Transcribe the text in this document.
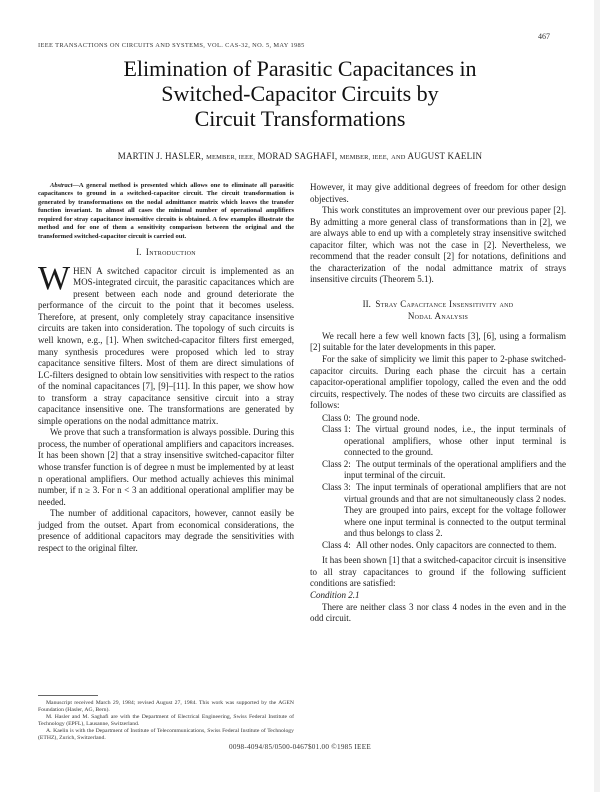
IEEE TRANSACTIONS ON CIRCUITS AND SYSTEMS, VOL. CAS-32, NO. 5, MAY 1985
467
Elimination of Parasitic Capacitances in
Switched-Capacitor Circuits by
Circuit Transformations
MARTIN J. HASLER, MEMBER, IEEE, MORAD SAGHAFI, MEMBER, IEEE, AND AUGUST KAELIN

Abstract—A general method is presented which allows one to eliminate all parasitic capacitances to ground in a switched-capacitor circuit. The circuit transformation is generated by transformations on the nodal admittance matrix which leaves the transfer function invariant. In almost all cases the minimal number of operational amplifiers required for stray capacitance insensitive circuits is obtained. A few examples illustrate the method and for one of them a sensitivity comparison between the original and the transformed switched-capacitor circuit is carried out.

I. Introduction

WHEN A switched capacitor circuit is implemented as an MOS-integrated circuit, the parasitic capacitances which are present between each node and ground deteriorate the performance of the circuit to the point that it becomes useless. Therefore, at present, only completely stray capacitance insensitive circuits are taken into consideration. The topology of such circuits is well known, e.g., [1]. When switched-capacitor filters first emerged, many synthesis procedures were proposed which led to stray capacitance sensitive filters. Most of them are direct simulations of LC-filters designed to obtain low sensitivities with respect to the ratios of the nominal capacitances [7], [9]–[11]. In this paper, we show how to transform a stray capacitance sensitive circuit into a stray capacitance insensitive one. The transformations are generated by simple operations on the nodal admittance matrix.

We prove that such a transformation is always possible. During this process, the number of operational amplifiers and capacitors increases. It has been shown [2] that a stray insensitive switched-capacitor filter whose transfer function is of degree n must be implemented by at least n operational amplifiers. Our method actually achieves this minimal number, if n ≥ 3. For n < 3 an additional operational amplifier may be needed.

The number of additional capacitors, however, cannot easily be judged from the outset. Apart from economical considerations, the presence of additional capacitors may degrade the sensitivities with respect to the original filter.

Manuscript received March 29, 1984; revised August 27, 1984. This work was supported by the AGEN Foundation (Hasler, AG, Bern).

M. Hasler and M. Saghafi are with the Department of Electrical Engineering, Swiss Federal Institute of Technology (EPFL), Lausanne, Switzerland.

A. Kaelin is with the Department of Institute of Telecommunications, Swiss Federal Institute of Technology (ETHZ), Zurich, Switzerland.

However, it may give additional degrees of freedom for other design objectives.

This work constitutes an improvement over our previous paper [2]. By admitting a more general class of transformations than in [2], we are always able to end up with a completely stray insensitive switched capacitor filter, which was not the case in [2]. Nevertheless, we recommend that the reader consult [2] for notations, definitions and the characterization of the nodal admittance matrix of strays insensitive circuits (Theorem 5.1).

II. Stray Capacitance Insensitivity and
Nodal Analysis

We recall here a few well known facts [3], [6], using a formalism [2] suitable for the later developments in this paper.

For the sake of simplicity we limit this paper to 2-phase switched-capacitor circuits. During each phase the circuit has a certain capacitor-operational amplifier topology, called the even and the odd circuits, respectively. The nodes of these two circuits are classified as follows:

Class 0: The ground node.

Class 1: The virtual ground nodes, i.e., the input terminals of operational amplifiers, whose other input terminal is connected to the ground.

Class 2: The output terminals of the operational amplifiers and the input terminal of the circuit.

Class 3: The input terminals of operational amplifiers that are not virtual grounds and that are not simultaneously class 2 nodes. They are grouped into pairs, except for the voltage follower where one input terminal is connected to the output terminal and thus belongs to class 2.

Class 4: All other nodes. Only capacitors are connected to them.

It has been shown [1] that a switched-capacitor circuit is insensitive to all stray capacitances to ground if the following sufficient conditions are satisfied:

Condition 2.1

There are neither class 3 nor class 4 nodes in the even and in the odd circuit.

0098-4094/85/0500-0467$01.00 ©1985 IEEE
